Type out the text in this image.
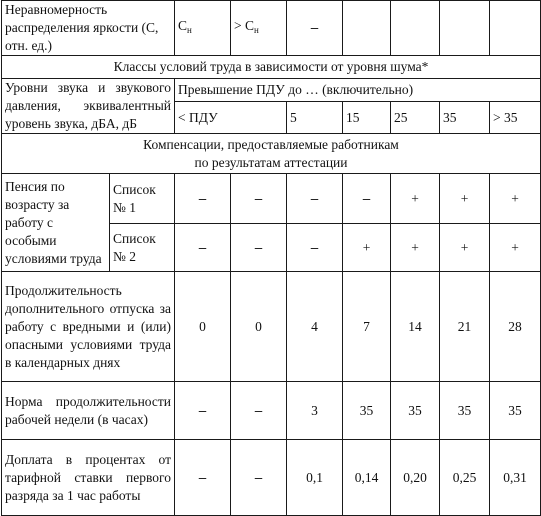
Неравномерность распределения яркости (С, отн. ед.)		$С_н$	> $С_н$	–				
Классы условий труда в зависимости от уровня шума*								
Уровни звука и звукового давления, эквивалентный уровень звука, дБА, дБ		Превышение ПДУ до … (включительно)						
		< ПДУ		5	15	25	35	> 35

Компенсации, предоставляемые работникам
по результатам аттестации								

Пенсия по возрасту за работу с особыми условиями труда	Список № 1	–	–	–	–	+	+	+
	Список № 2	–	–	–	+	+	+	+
Продолжительность дополнительного отпуска за работу с вредными и (или) опасными условиями труда в календарных днях		0	0	4	7	14	21	28
Норма продолжительности рабочей недели (в часах)		–	–	3	35	35	35	35
Доплата в процентах от тарифной ставки первого разряда за 1 час работы		–	–	0,1	0,14	0,20	0,25	0,31
